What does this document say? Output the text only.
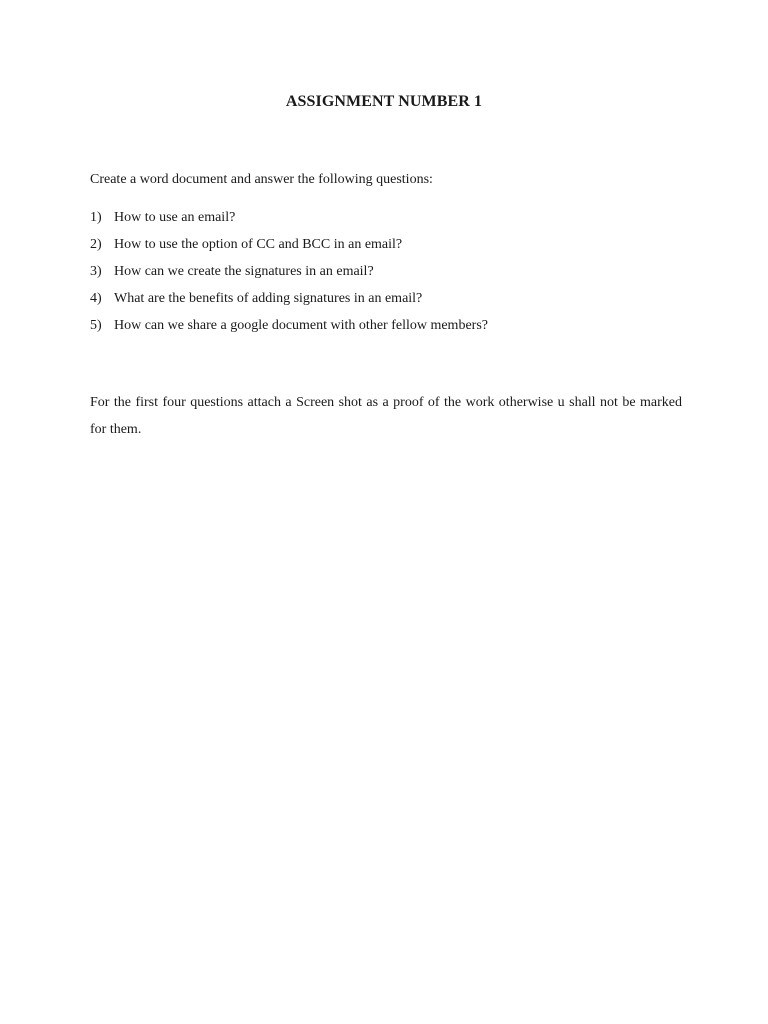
ASSIGNMENT NUMBER 1

Create a word document and answer the following questions:

1) How to use an email?
2) How to use the option of CC and BCC in an email?
3) How can we create the signatures in an email?
4) What are the benefits of adding signatures in an email?
5) How can we share a google document with other fellow members?

For the first four questions attach a Screen shot as a proof of the work otherwise u shall not be marked for them.
